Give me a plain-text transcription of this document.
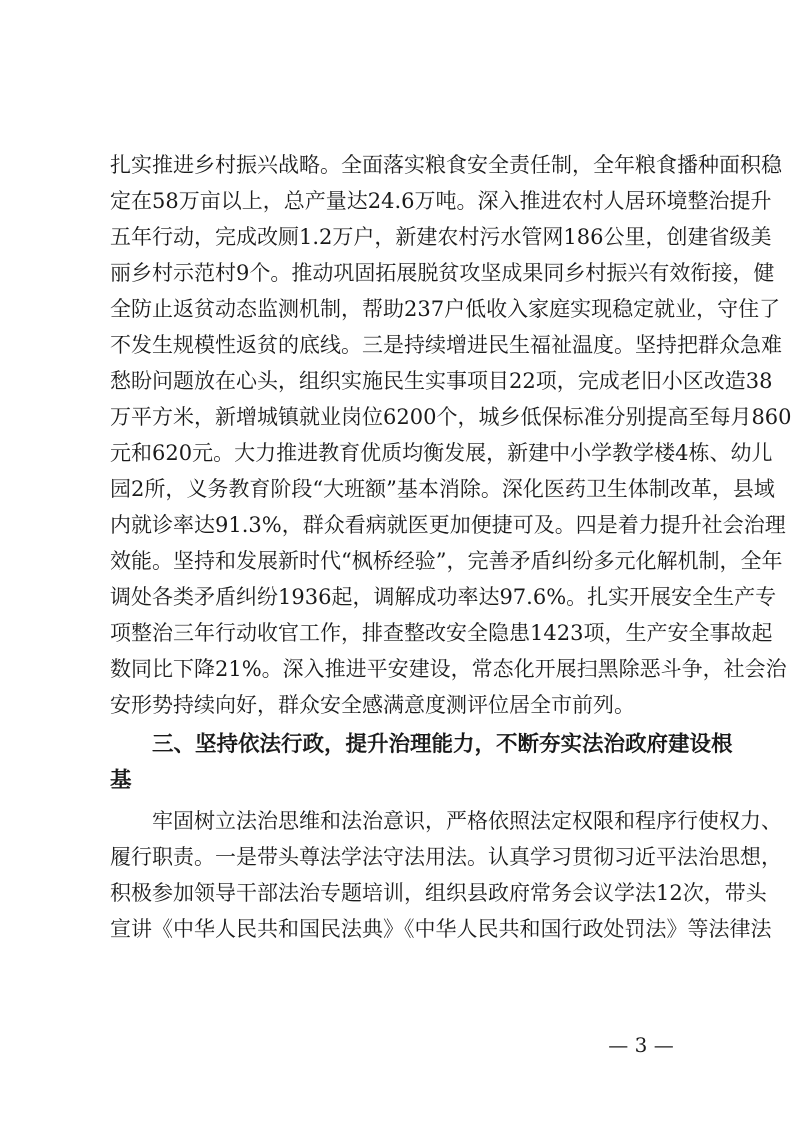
扎实推进乡村振兴战略。全面落实粮食安全责任制，全年粮食播种面积稳
定在58万亩以上，总产量达24.6万吨。深入推进农村人居环境整治提升
五年行动，完成改厕1.2万户，新建农村污水管网186公里，创建省级美
丽乡村示范村9个。推动巩固拓展脱贫攻坚成果同乡村振兴有效衔接，健
全防止返贫动态监测机制，帮助237户低收入家庭实现稳定就业，守住了
不发生规模性返贫的底线。三是持续增进民生福祉温度。坚持把群众急难
愁盼问题放在心头，组织实施民生实事项目22项，完成老旧小区改造38
万平方米，新增城镇就业岗位6200个，城乡低保标准分别提高至每月860
元和620元。大力推进教育优质均衡发展，新建中小学教学楼4栋、幼儿
园2所，义务教育阶段“大班额”基本消除。深化医药卫生体制改革，县域
内就诊率达91.3%，群众看病就医更加便捷可及。四是着力提升社会治理
效能。坚持和发展新时代“枫桥经验”，完善矛盾纠纷多元化解机制，全年
调处各类矛盾纠纷1936起，调解成功率达97.6%。扎实开展安全生产专
项整治三年行动收官工作，排查整改安全隐患1423项，生产安全事故起
数同比下降21%。深入推进平安建设，常态化开展扫黑除恶斗争，社会治
安形势持续向好，群众安全感满意度测评位居全市前列。
三、坚持依法行政，提升治理能力，不断夯实法治政府建设根
基
牢固树立法治思维和法治意识，严格依照法定权限和程序行使权力、
履行职责。一是带头尊法学法守法用法。认真学习贯彻习近平法治思想，
积极参加领导干部法治专题培训，组织县政府常务会议学法12次，带头
宣讲《中华人民共和国民法典》《中华人民共和国行政处罚法》等法律法
— 3 —
